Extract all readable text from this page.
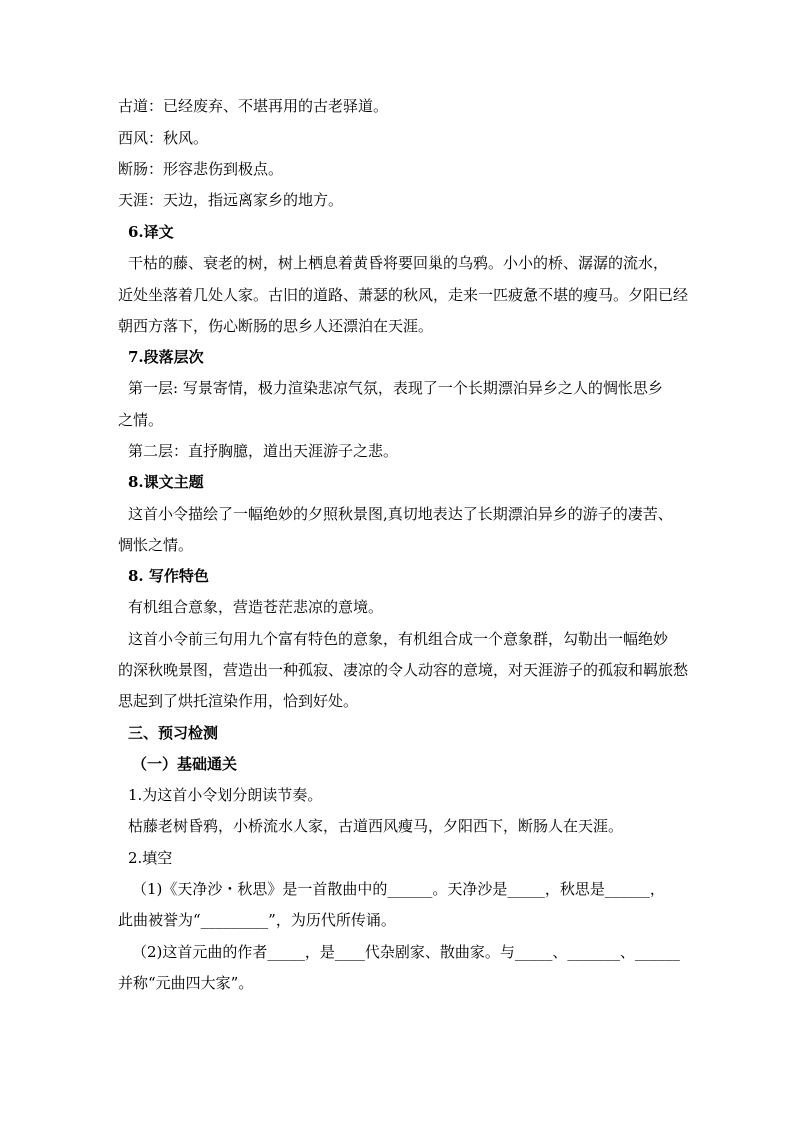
古道：已经废弃、不堪再用的古老驿道。
西风：秋风。
断肠：形容悲伤到极点。
天涯：天边，指远离家乡的地方。
6.译文
干枯的藤、衰老的树，树上栖息着黄昏将要回巢的乌鸦。小小的桥、潺潺的流水，
近处坐落着几处人家。古旧的道路、萧瑟的秋风，走来一匹疲惫不堪的瘦马。夕阳已经
朝西方落下，伤心断肠的思乡人还漂泊在天涯。
7.段落层次
第一层: 写景寄情，极力渲染悲凉气氛，表现了一个长期漂泊异乡之人的惆怅思乡
之情。
第二层：直抒胸臆，道出天涯游子之悲。
8.课文主题
这首小令描绘了一幅绝妙的夕照秋景图,真切地表达了长期漂泊异乡的游子的凄苦、
惆怅之情。
8. 写作特色
有机组合意象，营造苍茫悲凉的意境。
这首小令前三句用九个富有特色的意象，有机组合成一个意象群，勾勒出一幅绝妙
的深秋晚景图，营造出一种孤寂、凄凉的令人动容的意境，对天涯游子的孤寂和羁旅愁
思起到了烘托渲染作用，恰到好处。
三、预习检测
（一）基础通关
1.为这首小令划分朗读节奏。
枯藤老树昏鸦，小桥流水人家，古道西风瘦马，夕阳西下，断肠人在天涯。
2.填空
（1)《天净沙・秋思》是一首散曲中的______。天净沙是_____，秋思是______，
此曲被誉为“_________”，为历代所传诵。
（2)这首元曲的作者_____，是____代杂剧家、散曲家。与_____、_______、______
并称“元曲四大家”。
